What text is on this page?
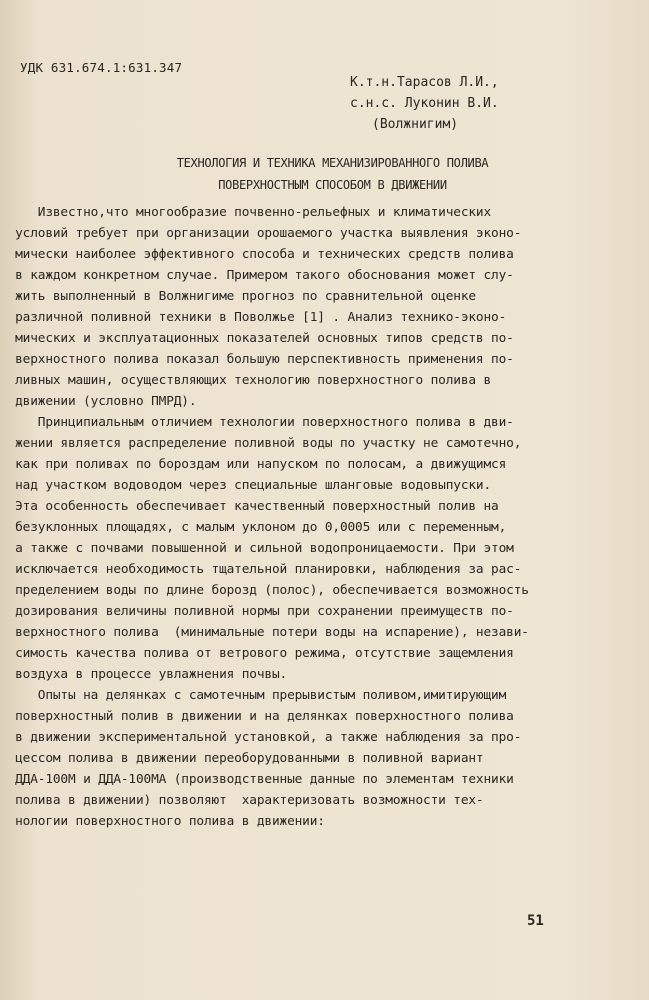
УДК 631.674.1:631.347
К.т.н.Тарасов Л.И.,
с.н.с. Луконин В.И.
(Волжнигим)
ТЕХНОЛОГИЯ И ТЕХНИКА МЕХАНИЗИРОВАННОГО ПОЛИВА
ПОВЕРХНОСТНЫМ СПОСОБОМ В ДВИЖЕНИИ
Известно,что многообразие почвенно-рельефных и климатических
условий требует при организации орошаемого участка выявления эконо-
мически наиболее эффективного способа и технических средств полива
в каждом конкретном случае. Примером такого обоснования может слу-
жить выполненный в Волжнигиме прогноз по сравнительной оценке
различной поливной техники в Поволжье [1] . Анализ технико-эконо-
мических и эксплуатационных показателей основных типов средств по-
верхностного полива показал большую перспективность применения по-
ливных машин, осуществляющих технологию поверхностного полива в
движении (условно ПМРД).
Принципиальным отличием технологии поверхностного полива в дви-
жении является распределение поливной воды по участку не самотечно,
как при поливах по бороздам или напуском по полосам, а движущимся
над участком водоводом через специальные шланговые водовыпуски.
Эта особенность обеспечивает качественный поверхностный полив на
безуклонных площадях, с малым уклоном до 0,0005 или с переменным,
а также с почвами повышенной и сильной водопроницаемости. При этом
исключается необходимость тщательной планировки, наблюдения за рас-
пределением воды по длине борозд (полос), обеспечивается возможность
дозирования величины поливной нормы при сохранении преимуществ по-
верхностного полива  (минимальные потери воды на испарение), незави-
симость качества полива от ветрового режима, отсутствие защемления
воздуха в процессе увлажнения почвы.
Опыты на делянках с самотечным прерывистым поливом,имитирующим
поверхностный полив в движении и на делянках поверхностного полива
в движении экспериментальной установкой, а также наблюдения за про-
цессом полива в движении переоборудованными в поливной вариант
ДДА-100М и ДДА-100МА (производственные данные по элементам техники
полива в движении) позволяют  характеризовать возможности тех-
нологии поверхностного полива в движении:
51
